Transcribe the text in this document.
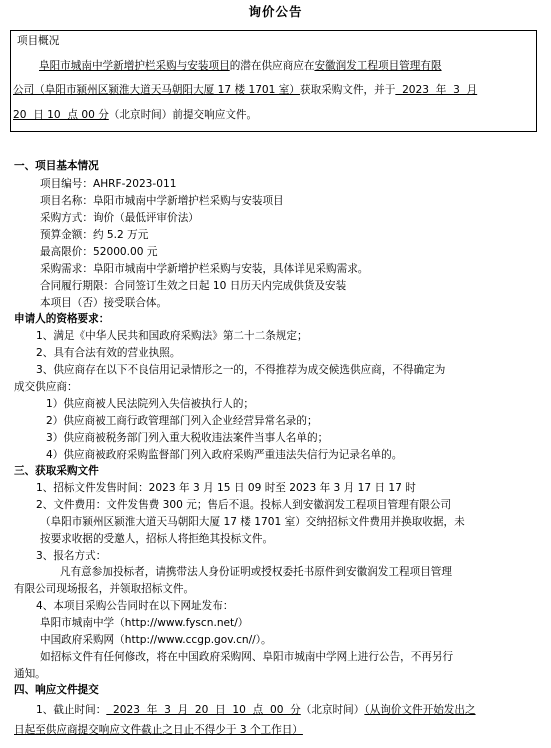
询价公告
项目概况
阜阳市城南中学新增护栏采购与安装项目的潜在供应商应在安徽润发工程项目管理有限
公司（阜阳市颍州区颍淮大道天马朝阳大厦 17 楼 1701 室）获取采购文件，并于  2023  年  3  月
20  日 10  点 00 分（北京时间）前提交响应文件。
一、项目基本情况
项目编号：AHRF-2023-011
项目名称：阜阳市城南中学新增护栏采购与安装项目
采购方式：询价（最低评审价法）
预算金额：约 5.2 万元
最高限价：52000.00 元
采购需求：阜阳市城南中学新增护栏采购与安装，具体详见采购需求。
合同履行期限：合同签订生效之日起 10 日历天内完成供货及安装
本项目（否）接受联合体。
申请人的资格要求：
1、满足《中华人民共和国政府采购法》第二十二条规定；
2、具有合法有效的营业执照。
3、供应商存在以下不良信用记录情形之一的，不得推荐为成交候选供应商，不得确定为
成交供应商：
1）供应商被人民法院列入失信被执行人的；
2）供应商被工商行政管理部门列入企业经营异常名录的；
3）供应商被税务部门列入重大税收违法案件当事人名单的；
4）供应商被政府采购监督部门列入政府采购严重违法失信行为记录名单的。
三、获取采购文件
1、招标文件发售时间：2023 年 3 月 15 日 09 时至 2023 年 3 月 17 日 17 时
2、文件费用：文件发售费 300 元；售后不退。投标人到安徽润发工程项目管理有限公司
（阜阳市颍州区颍淮大道天马朝阳大厦 17 楼 1701 室）交纳招标文件费用并换取收据，未
按要求收据的受邀人，招标人将拒绝其投标文件。
3、报名方式：
凡有意参加投标者，请携带法人身份证明或授权委托书原件到安徽润发工程项目管理
有限公司现场报名，并领取招标文件。
4、本项目采购公告同时在以下网址发布：
阜阳市城南中学（http://www.fyscn.net/）
中国政府采购网（http://www.ccgp.gov.cn//）。
如招标文件有任何修改，将在中国政府采购网、阜阳市城南中学网上进行公告，不再另行
通知。
四、响应文件提交
1、截止时间：  2023  年  3  月  20  日  10  点  00  分（北京时间）（从询价文件开始发出之
日起至供应商提交响应文件截止之日止不得少于 3 个工作日）
